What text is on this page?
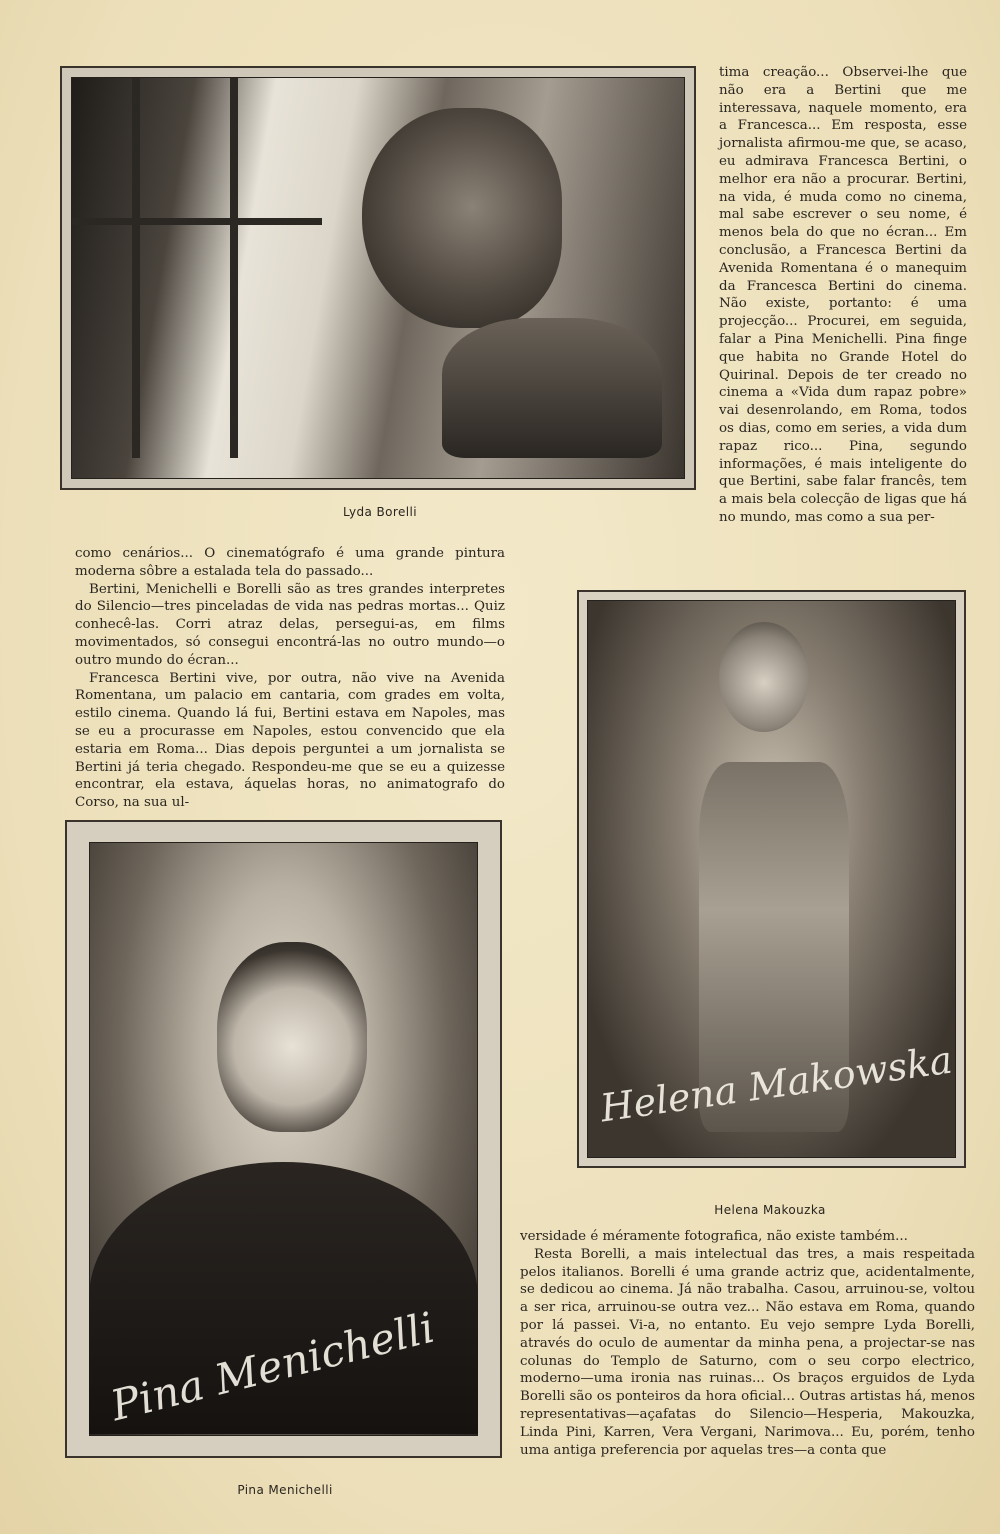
Lyda Borelli

tima creação... Observei-lhe que não era a Bertini que me interessava, naquele momento, era a Francesca... Em resposta, esse jornalista afirmou-me que, se acaso, eu admirava Francesca Bertini, o melhor era não a procurar. Bertini, na vida, é muda como no cinema, mal sabe escrever o seu nome, é menos bela do que no écran... Em conclusão, a Francesca Bertini da Avenida Romentana é o manequim da Francesca Bertini do cinema. Não existe, portanto: é uma projecção... Procurei, em seguida, falar a Pina Menichelli. Pina finge que habita no Grande Hotel do Quirinal. Depois de ter creado no cinema a «Vida dum rapaz pobre» vai desenrolando, em Roma, todos os dias, como em series, a vida dum rapaz rico... Pina, segundo informações, é mais inteligente do que Bertini, sabe falar francês, tem a mais bela colecção de ligas que há no mundo, mas como a sua per-

como cenários... O cinematógrafo é uma grande pintura moderna sôbre a estalada tela do passado...

Bertini, Menichelli e Borelli são as tres grandes interpretes do Silencio—tres pinceladas de vida nas pedras mortas... Quiz conhecê-las. Corri atraz delas, persegui-as, em films movimentados, só consegui encontrá-las no outro mundo—o outro mundo do écran...

Francesca Bertini vive, por outra, não vive na Avenida Romentana, um palacio em cantaria, com grades em volta, estilo cinema. Quando lá fui, Bertini estava em Napoles, mas se eu a procurasse em Napoles, estou convencido que ela estaria em Roma... Dias depois perguntei a um jornalista se Bertini já teria chegado. Respondeu-me que se eu a quizesse encontrar, ela estava, áquelas horas, no animatografo do Corso, na sua ul-

Helena Makowska
Helena Makouzka
Pina Menichelli
Pina Menichelli

versidade é méramente fotografica, não existe também...

Resta Borelli, a mais intelectual das tres, a mais respeitada pelos italianos. Borelli é uma grande actriz que, acidentalmente, se dedicou ao cinema. Já não trabalha. Casou, arruinou-se, voltou a ser rica, arruinou-se outra vez... Não estava em Roma, quando por lá passei. Vi-a, no entanto. Eu vejo sempre Lyda Borelli, através do oculo de aumentar da minha pena, a projectar-se nas colunas do Templo de Saturno, com o seu corpo electrico, moderno—uma ironia nas ruinas... Os braços erguidos de Lyda Borelli são os ponteiros da hora oficial... Outras artistas há, menos representativas—açafatas do Silencio—Hesperia, Makouzka, Linda Pini, Karren, Vera Vergani, Narimova... Eu, porém, tenho uma antiga preferencia por aquelas tres—a conta que
